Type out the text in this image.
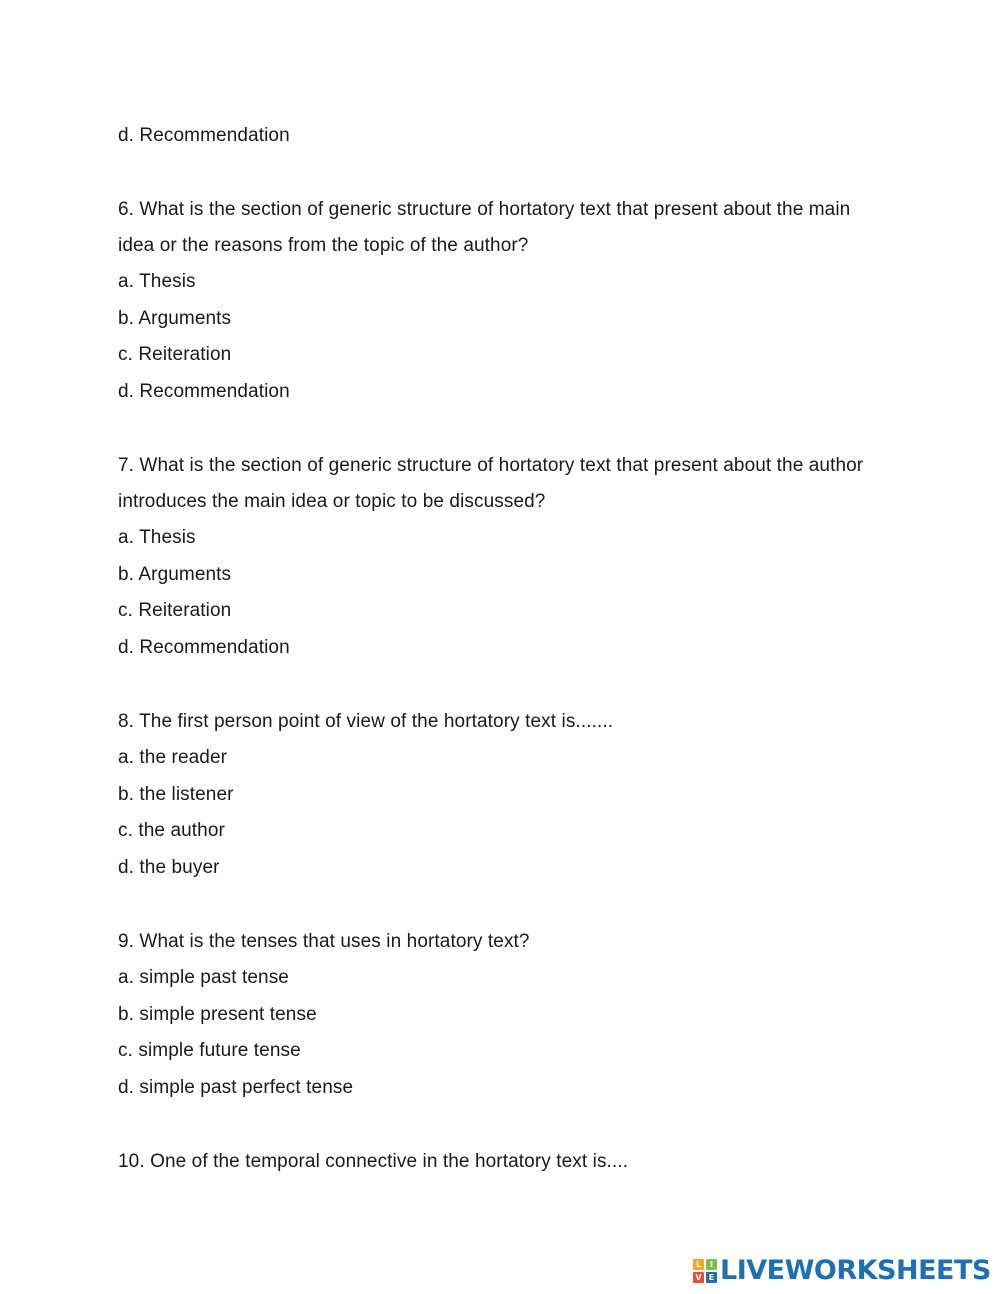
d. Recommendation
6. What is the section of generic structure of hortatory text that present about the main
idea or the reasons from the topic of the author?
a. Thesis
b. Arguments
c. Reiteration
d. Recommendation
7. What is the section of generic structure of hortatory text that present about the author
introduces the main idea or topic to be discussed?
a. Thesis
b. Arguments
c. Reiteration
d. Recommendation
8. The first person point of view of the hortatory text is.......
a. the reader
b. the listener
c. the author
d. the buyer
9. What is the tenses that uses in hortatory text?
a. simple past tense
b. simple present tense
c. simple future tense
d. simple past perfect tense
10. One of the temporal connective in the hortatory text is....
L	I
V E LIVEWORKSHEETS
